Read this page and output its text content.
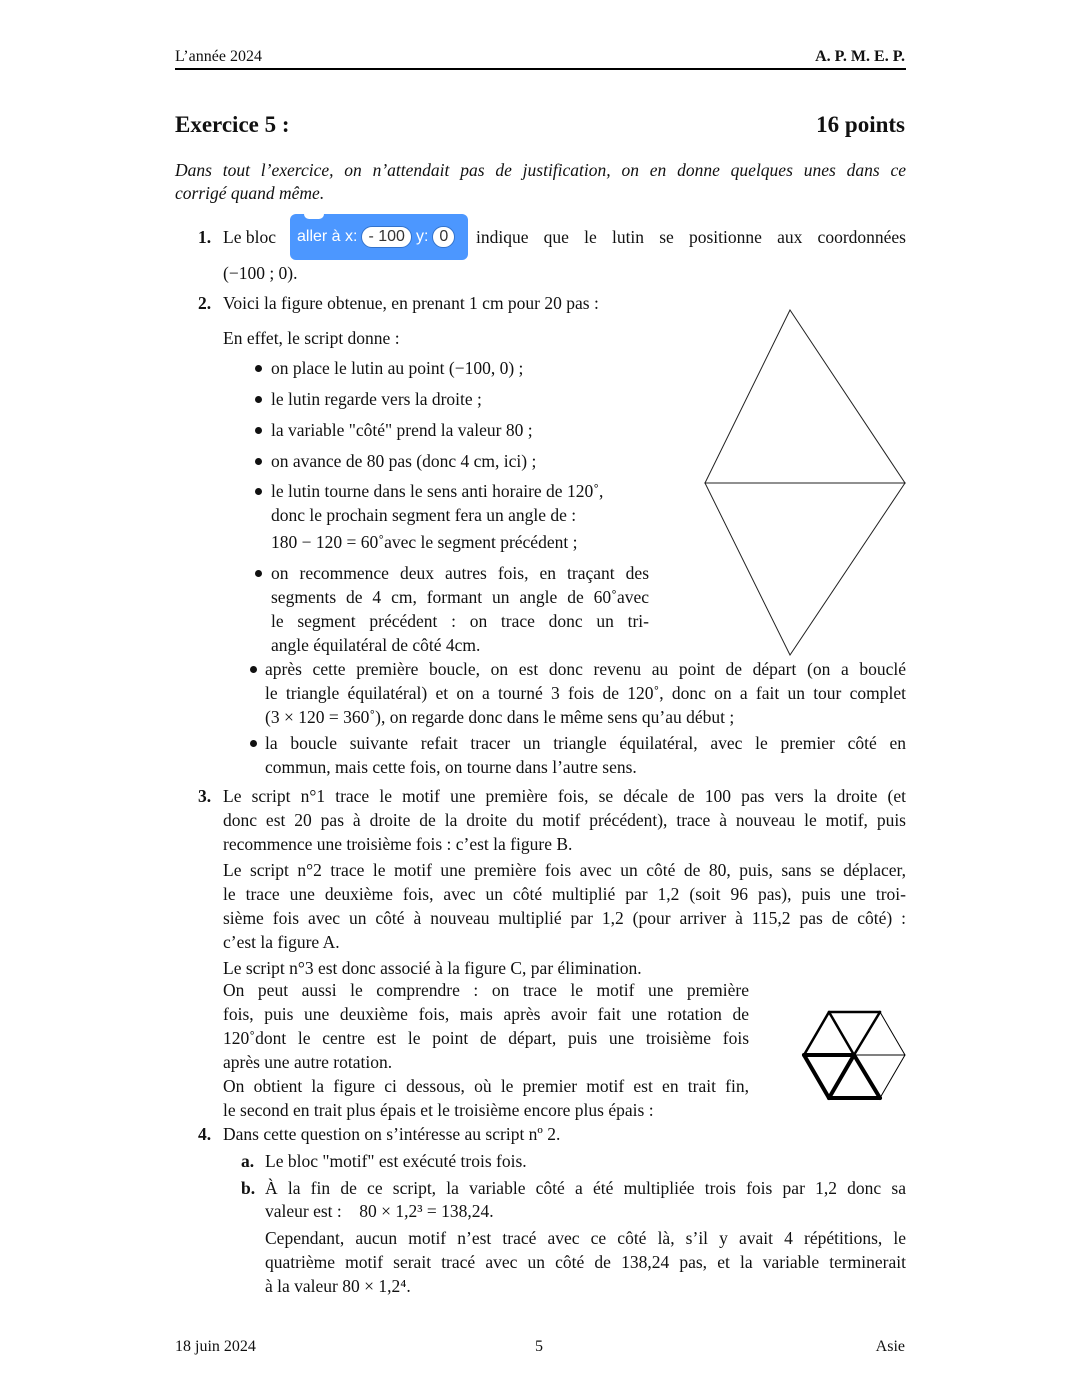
L’année 2024	A. P. M. E. P.
Exercice 5 :	16 points
Dans tout l’exercice, on n’attendait pas de justification, on en donne quelques unes dans ce
corrigé quand même.
1. Le bloc aller à x: - 100 y: 0	indique que le lutin se positionne aux coordonnées
(−100 ; 0).
2. Voici la figure obtenue, en prenant 1 cm pour 20 pas :
En effet, le script donne :
on place le lutin au point (−100, 0) ;
le lutin regarde vers la droite ;
la variable "côté" prend la valeur 80 ;
on avance de 80 pas (donc 4 cm, ici) ;
le lutin tourne dans le sens anti horaire de 120˚,
donc le prochain segment fera un angle de :
180 − 120 = 60˚avec le segment précédent ;
on recommence deux autres fois, en traçant des
segments de 4 cm, formant un angle de 60˚avec
le segment précédent : on trace donc un tri-
angle équilatéral de côté 4cm.
après cette première boucle, on est donc revenu au point de départ (on a bouclé
le triangle équilatéral) et on a tourné 3 fois de 120˚, donc on a fait un tour complet
(3 × 120 = 360˚), on regarde donc dans le même sens qu’au début ;
la boucle suivante refait tracer un triangle équilatéral, avec le premier côté en
commun, mais cette fois, on tourne dans l’autre sens.
3. Le script n°1 trace le motif une première fois, se décale de 100 pas vers la droite (et
donc est 20 pas à droite de la droite du motif précédent), trace à nouveau le motif, puis
recommence une troisième fois : c’est la figure B.
Le script n°2 trace le motif une première fois avec un côté de 80, puis, sans se déplacer,
le trace une deuxième fois, avec un côté multiplié par 1,2 (soit 96 pas), puis une troi-
sième fois avec un côté à nouveau multiplié par 1,2 (pour arriver à 115,2 pas de côté) :
c’est la figure A.
Le script n°3 est donc associé à la figure C, par élimination.
On peut aussi le comprendre : on trace le motif une première
fois, puis une deuxième fois, mais après avoir fait une rotation de
120˚dont le centre est le point de départ, puis une troisième fois
après une autre rotation.
On obtient la figure ci dessous, où le premier motif est en trait fin,
le second en trait plus épais et le troisième encore plus épais :
4. Dans cette question on s’intéresse au script nº 2.
a. Le bloc "motif" est exécuté trois fois.
b. À la fin de ce script, la variable côté a été multipliée trois fois par 1,2 donc sa
valeur est :    80 × 1,2³ = 138,24.
Cependant, aucun motif n’est tracé avec ce côté là, s’il y avait 4 répétitions, le
quatrième motif serait tracé avec un côté de 138,24 pas, et la variable terminerait
à la valeur 80 × 1,2⁴.
18 juin 2024	5	Asie
